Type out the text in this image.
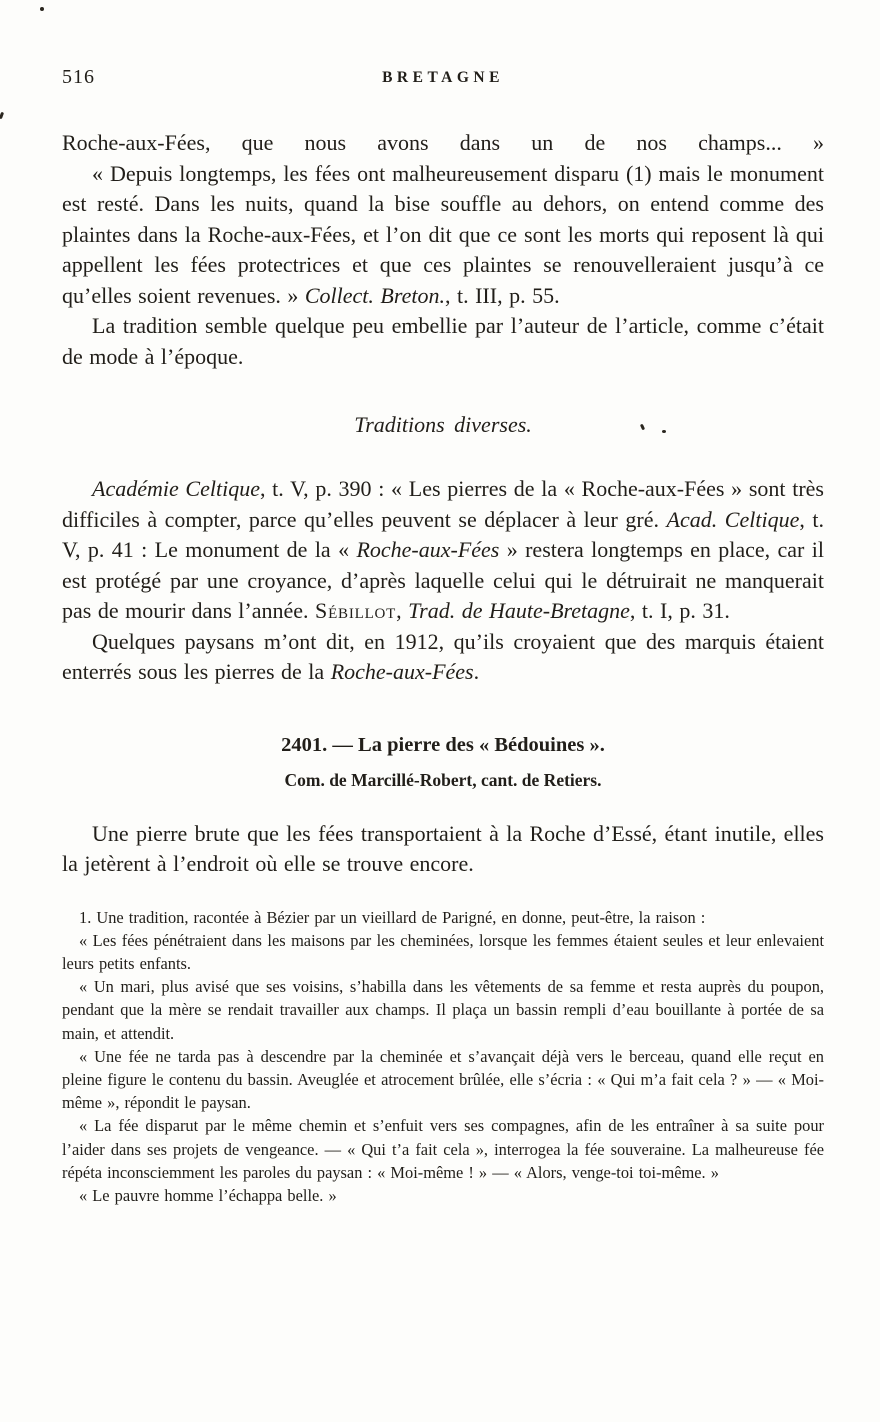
516	BRETAGNE

Roche-aux-Fées, que nous avons dans un de nos champs... »

« Depuis longtemps, les fées ont malheureusement disparu (1) mais le monument est resté. Dans les nuits, quand la bise souffle au dehors, on entend comme des plaintes dans la Roche-aux-Fées, et l’on dit que ce sont les morts qui reposent là qui appellent les fées protectrices et que ces plaintes se renouvelleraient jusqu’à ce qu’elles soient revenues. » Collect. Breton., t. III, p. 55.

La tradition semble quelque peu embellie par l’auteur de l’article, comme c’était de mode à l’époque.

Traditions diverses.

Académie Celtique, t. V, p. 390 : « Les pierres de la « Roche-aux-Fées » sont très difficiles à compter, parce qu’elles peuvent se déplacer à leur gré. Acad. Celtique, t. V, p. 41 : Le monument de la « Roche-aux-Fées » restera longtemps en place, car il est protégé par une croyance, d’après laquelle celui qui le détruirait ne manquerait pas de mourir dans l’année. Sébillot, Trad. de Haute-Bretagne, t. I, p. 31.

Quelques paysans m’ont dit, en 1912, qu’ils croyaient que des marquis étaient enterrés sous les pierres de la Roche-aux-Fées.

2401. — La pierre des « Bédouines ».
Com. de Marcillé-Robert, cant. de Retiers.

Une pierre brute que les fées transportaient à la Roche d’Essé, étant inutile, elles la jetèrent à l’endroit où elle se trouve encore.

1. Une tradition, racontée à Bézier par un vieillard de Parigné, en donne, peut-être, la raison :

« Les fées pénétraient dans les maisons par les cheminées, lorsque les femmes étaient seules et leur enlevaient leurs petits enfants.

« Un mari, plus avisé que ses voisins, s’habilla dans les vêtements de sa femme et resta auprès du poupon, pendant que la mère se rendait travailler aux champs. Il plaça un bassin rempli d’eau bouillante à portée de sa main, et attendit.

« Une fée ne tarda pas à descendre par la cheminée et s’avançait déjà vers le berceau, quand elle reçut en pleine figure le contenu du bassin. Aveuglée et atrocement brûlée, elle s’écria : « Qui m’a fait cela ? » — « Moi-même », répondit le paysan.

« La fée disparut par le même chemin et s’enfuit vers ses compagnes, afin de les entraîner à sa suite pour l’aider dans ses projets de vengeance. — « Qui t’a fait cela », interrogea la fée souveraine. La malheureuse fée répéta inconsciemment les paroles du paysan : « Moi-même ! » — « Alors, venge-toi toi-même. »

« Le pauvre homme l’échappa belle. »
